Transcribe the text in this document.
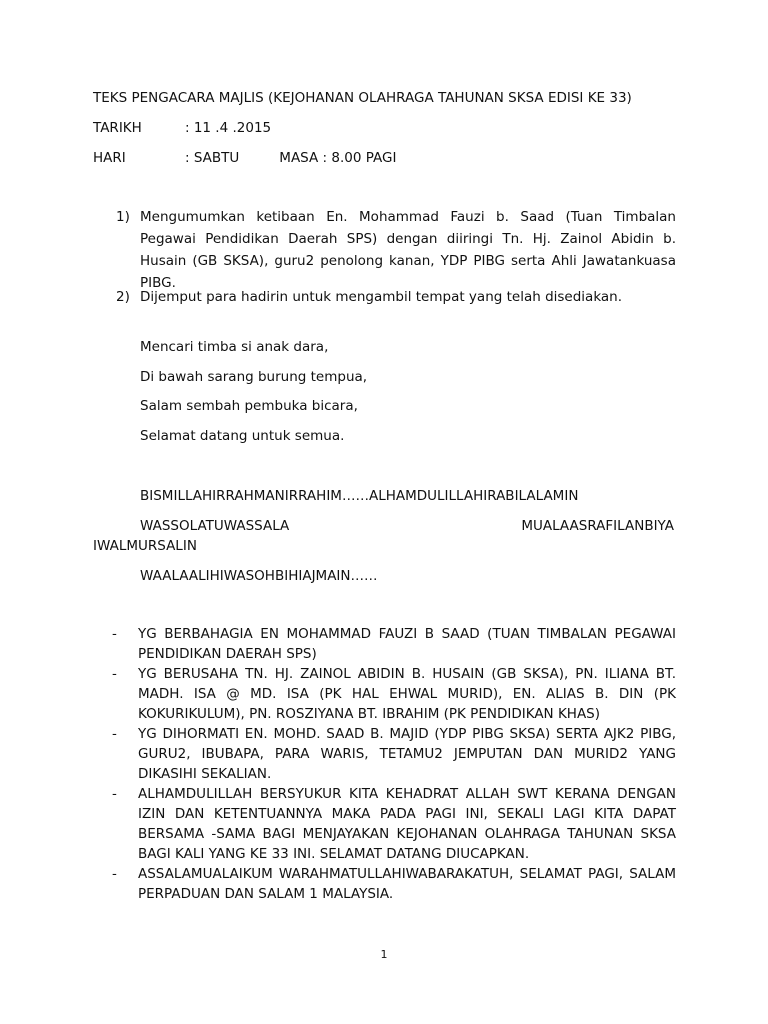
TEKS PENGACARA MAJLIS (KEJOHANAN OLAHRAGA TAHUNAN SKSA EDISI KE 33)
TARIKH	: 11 .4 .2015
HARI	: SABTU	MASA : 8.00 PAGI
1) Mengumumkan ketibaan En. Mohammad Fauzi b. Saad (Tuan Timbalan Pegawai Pendidikan Daerah SPS) dengan diiringi Tn. Hj. Zainol Abidin b. Husain (GB SKSA), guru2 penolong kanan, YDP PIBG serta Ahli Jawatankuasa PIBG.
2) Dijemput para hadirin untuk mengambil tempat yang telah disediakan.
Mencari timba si anak dara,
Di bawah sarang burung tempua,
Salam sembah pembuka bicara,
Selamat datang untuk semua.
BISMILLAHIRRAHMANIRRAHIM……ALHAMDULILLAHIRABILALAMIN
WASSOLATUWASSALA	MUALAASRAFILANBIYA
IWALMURSALIN
WAALAALIHIWASOHBIHIAJMAIN……
- YG BERBAHAGIA EN MOHAMMAD FAUZI B SAAD (TUAN TIMBALAN PEGAWAI PENDIDIKAN DAERAH SPS)
- YG BERUSAHA TN. HJ. ZAINOL ABIDIN B. HUSAIN (GB SKSA), PN. ILIANA BT. MADH. ISA @ MD. ISA (PK HAL EHWAL MURID), EN. ALIAS B. DIN (PK KOKURIKULUM), PN. ROSZIYANA BT. IBRAHIM (PK PENDIDIKAN KHAS)
- YG DIHORMATI EN. MOHD. SAAD B. MAJID (YDP PIBG SKSA) SERTA AJK2 PIBG, GURU2, IBUBAPA, PARA WARIS, TETAMU2 JEMPUTAN DAN MURID2 YANG DIKASIHI SEKALIAN.
- ALHAMDULILLAH BERSYUKUR KITA KEHADRAT ALLAH SWT KERANA DENGAN IZIN DAN KETENTUANNYA MAKA PADA PAGI INI, SEKALI LAGI KITA DAPAT BERSAMA -SAMA BAGI MENJAYAKAN KEJOHANAN OLAHRAGA TAHUNAN SKSA BAGI KALI YANG KE 33 INI. SELAMAT DATANG DIUCAPKAN.
- ASSALAMUALAIKUM WARAHMATULLAHIWABARAKATUH, SELAMAT PAGI, SALAM PERPADUAN DAN SALAM 1 MALAYSIA.
1
